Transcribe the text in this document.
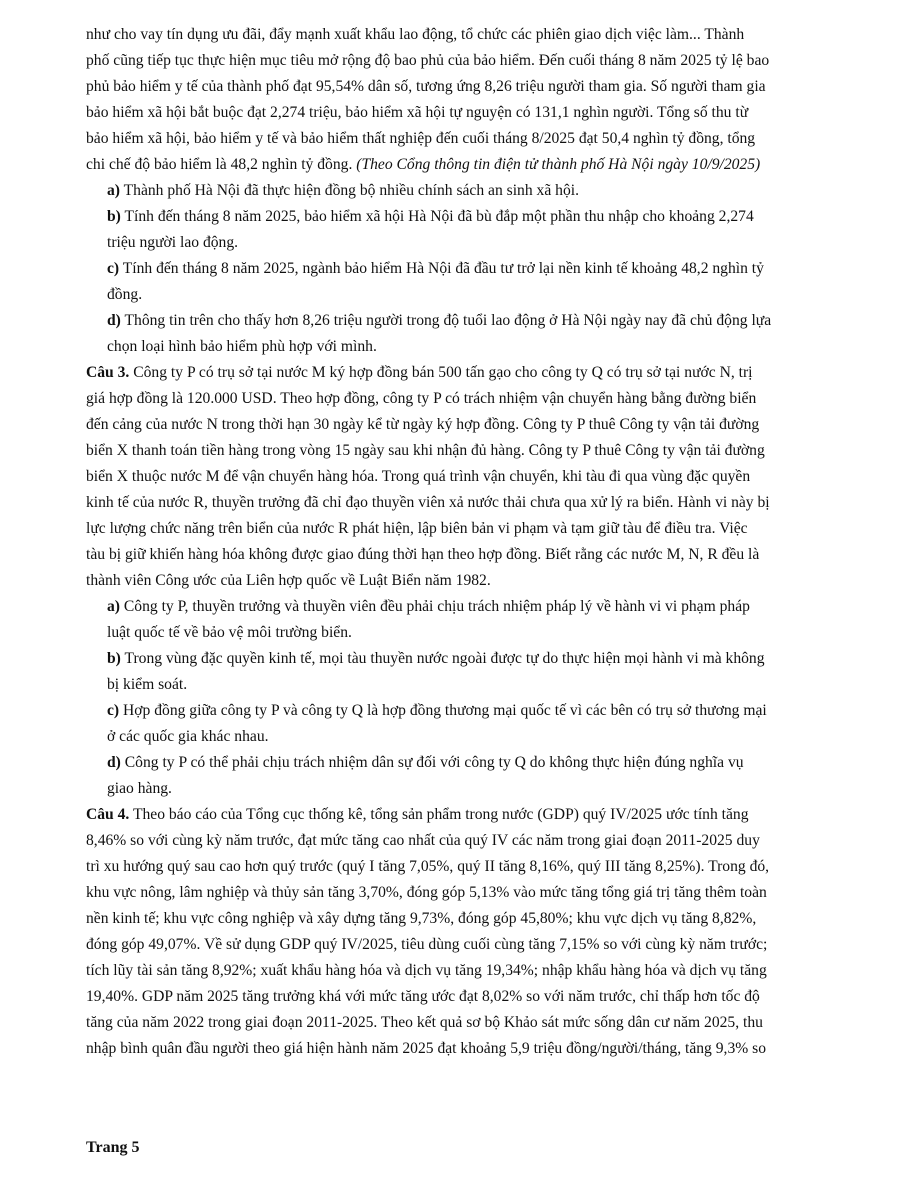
như cho vay tín dụng ưu đãi, đẩy mạnh xuất khẩu lao động, tổ chức các phiên giao dịch việc làm... Thành
phố cũng tiếp tục thực hiện mục tiêu mở rộng độ bao phủ của bảo hiểm. Đến cuối tháng 8 năm 2025 tỷ lệ bao
phủ bảo hiểm y tế của thành phố đạt 95,54% dân số, tương ứng 8,26 triệu người tham gia. Số người tham gia
bảo hiểm xã hội bắt buộc đạt 2,274 triệu, bảo hiểm xã hội tự nguyện có 131,1 nghìn người. Tổng số thu từ
bảo hiểm xã hội, bảo hiểm y tế và bảo hiểm thất nghiệp đến cuối tháng 8/2025 đạt 50,4 nghìn tỷ đồng, tổng
chi chế độ bảo hiểm là 48,2 nghìn tỷ đồng. (Theo Cổng thông tin điện tử thành phố Hà Nội ngày 10/9/2025)
a) Thành phố Hà Nội đã thực hiện đồng bộ nhiều chính sách an sinh xã hội.
b) Tính đến tháng 8 năm 2025, bảo hiểm xã hội Hà Nội đã bù đắp một phần thu nhập cho khoảng 2,274
triệu người lao động.
c) Tính đến tháng 8 năm 2025, ngành bảo hiểm Hà Nội đã đầu tư trở lại nền kinh tế khoảng 48,2 nghìn tỷ
đồng.
d) Thông tin trên cho thấy hơn 8,26 triệu người trong độ tuổi lao động ở Hà Nội ngày nay đã chủ động lựa
chọn loại hình bảo hiểm phù hợp với mình.
Câu 3. Công ty P có trụ sở tại nước M ký hợp đồng bán 500 tấn gạo cho công ty Q có trụ sở tại nước N, trị
giá hợp đồng là 120.000 USD. Theo hợp đồng, công ty P có trách nhiệm vận chuyển hàng bằng đường biển
đến cảng của nước N trong thời hạn 30 ngày kể từ ngày ký hợp đồng. Công ty P thuê Công ty vận tải đường
biển X thanh toán tiền hàng trong vòng 15 ngày sau khi nhận đủ hàng. Công ty P thuê Công ty vận tải đường
biển X thuộc nước M để vận chuyển hàng hóa. Trong quá trình vận chuyển, khi tàu đi qua vùng đặc quyền
kinh tế của nước R, thuyền trưởng đã chỉ đạo thuyền viên xả nước thải chưa qua xử lý ra biển. Hành vi này bị
lực lượng chức năng trên biển của nước R phát hiện, lập biên bản vi phạm và tạm giữ tàu để điều tra. Việc
tàu bị giữ khiến hàng hóa không được giao đúng thời hạn theo hợp đồng. Biết rằng các nước M, N, R đều là
thành viên Công ước của Liên hợp quốc về Luật Biển năm 1982.
a) Công ty P, thuyền trưởng và thuyền viên đều phải chịu trách nhiệm pháp lý về hành vi vi phạm pháp
luật quốc tế về bảo vệ môi trường biển.
b) Trong vùng đặc quyền kinh tế, mọi tàu thuyền nước ngoài được tự do thực hiện mọi hành vi mà không
bị kiểm soát.
c) Hợp đồng giữa công ty P và công ty Q là hợp đồng thương mại quốc tế vì các bên có trụ sở thương mại
ở các quốc gia khác nhau.
d) Công ty P có thể phải chịu trách nhiệm dân sự đối với công ty Q do không thực hiện đúng nghĩa vụ
giao hàng.
Câu 4. Theo báo cáo của Tổng cục thống kê, tổng sản phẩm trong nước (GDP) quý IV/2025 ước tính tăng
8,46% so với cùng kỳ năm trước, đạt mức tăng cao nhất của quý IV các năm trong giai đoạn 2011-2025 duy
trì xu hướng quý sau cao hơn quý trước (quý I tăng 7,05%, quý II tăng 8,16%, quý III tăng 8,25%). Trong đó,
khu vực nông, lâm nghiệp và thủy sản tăng 3,70%, đóng góp 5,13% vào mức tăng tổng giá trị tăng thêm toàn
nền kinh tế; khu vực công nghiệp và xây dựng tăng 9,73%, đóng góp 45,80%; khu vực dịch vụ tăng 8,82%,
đóng góp 49,07%. Về sử dụng GDP quý IV/2025, tiêu dùng cuối cùng tăng 7,15% so với cùng kỳ năm trước;
tích lũy tài sản tăng 8,92%; xuất khẩu hàng hóa và dịch vụ tăng 19,34%; nhập khẩu hàng hóa và dịch vụ tăng
19,40%. GDP năm 2025 tăng trưởng khá với mức tăng ước đạt 8,02% so với năm trước, chỉ thấp hơn tốc độ
tăng của năm 2022 trong giai đoạn 2011-2025. Theo kết quả sơ bộ Khảo sát mức sống dân cư năm 2025, thu
nhập bình quân đầu người theo giá hiện hành năm 2025 đạt khoảng 5,9 triệu đồng/người/tháng, tăng 9,3% so
Trang 5
